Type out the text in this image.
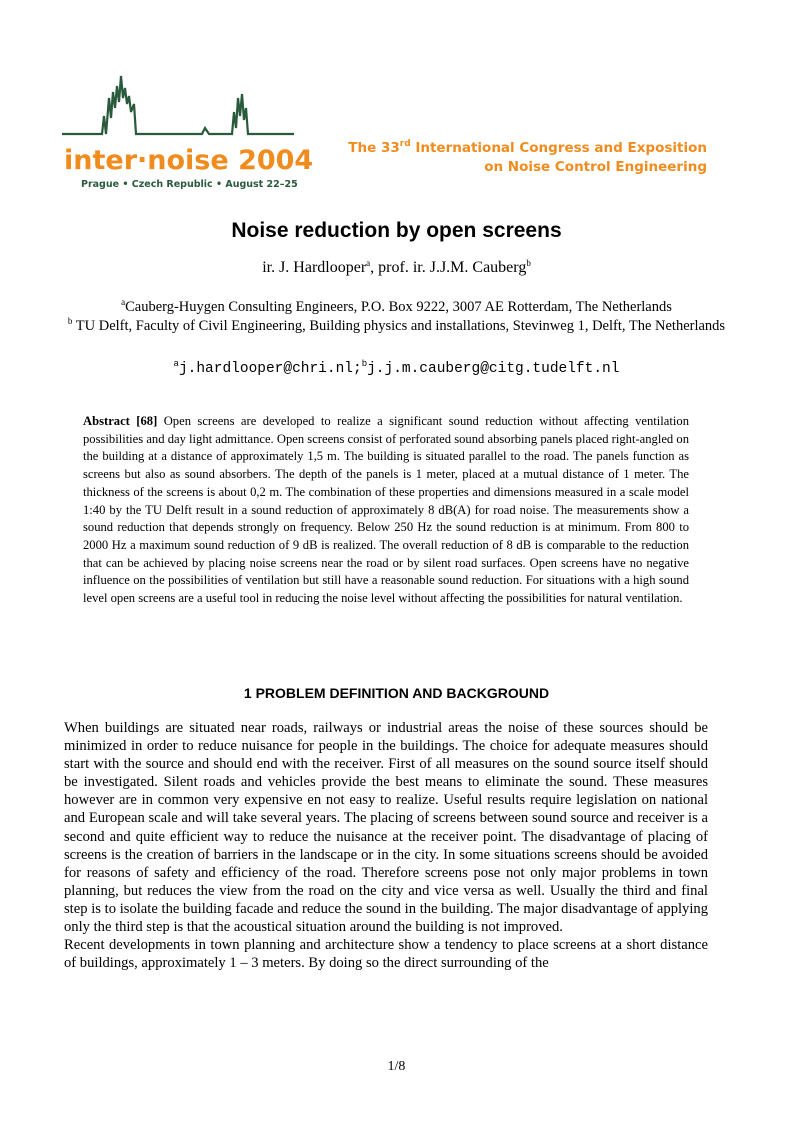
inter·noise 2004
Prague • Czech Republic • August 22–25
The 33rd International Congress and Exposition
on Noise Control Engineering
Noise reduction by open screens
ir. J. Hardlooper$^a$, prof. ir. J.J.M. Cauberg$^b$
$^a$Cauberg-Huygen Consulting Engineers, P.O. Box 9222, 3007 AE Rotterdam, The Netherlands
$^b$ TU Delft, Faculty of Civil Engineering, Building physics and installations, Stevinweg 1, Delft, The Netherlands
$^a$j.hardlooper@chri.nl;$^b$j.j.m.cauberg@citg.tudelft.nl
Abstract [68] Open screens are developed to realize a significant sound reduction without affecting ventilation possibilities and day light admittance. Open screens consist of perforated sound absorbing panels placed right-angled on the building at a distance of approximately 1,5 m. The building is situated parallel to the road. The panels function as screens but also as sound absorbers. The depth of the panels is 1 meter, placed at a mutual distance of 1 meter. The thickness of the screens is about 0,2 m. The combination of these properties and dimensions measured in a scale model 1:40 by the TU Delft result in a sound reduction of approximately 8 dB(A) for road noise. The measurements show a sound reduction that depends strongly on frequency. Below 250 Hz the sound reduction is at minimum. From 800 to 2000 Hz a maximum sound reduction of 9 dB is realized. The overall reduction of 8 dB is comparable to the reduction that can be achieved by placing noise screens near the road or by silent road surfaces. Open screens have no negative influence on the possibilities of ventilation but still have a reasonable sound reduction. For situations with a high sound level open screens are a useful tool in reducing the noise level without affecting the possibilities for natural ventilation.
1 PROBLEM DEFINITION AND BACKGROUND

When buildings are situated near roads, railways or industrial areas the noise of these sources should be minimized in order to reduce nuisance for people in the buildings. The choice for adequate measures should start with the source and should end with the receiver. First of all measures on the sound source itself should be investigated. Silent roads and vehicles provide the best means to eliminate the sound. These measures however are in common very expensive en not easy to realize. Useful results require legislation on national and European scale and will take several years. The placing of screens between sound source and receiver is a second and quite efficient way to reduce the nuisance at the receiver point. The disadvantage of placing of screens is the creation of barriers in the landscape or in the city. In some situations screens should be avoided for reasons of safety and efficiency of the road. Therefore screens pose not only major problems in town planning, but reduces the view from the road on the city and vice versa as well. Usually the third and final step is to isolate the building facade and reduce the sound in the building. The major disadvantage of applying only the third step is that the acoustical situation around the building is not improved.

Recent developments in town planning and architecture show a tendency to place screens at a short distance of buildings, approximately 1 – 3 meters. By doing so the direct surrounding of the

1/8
